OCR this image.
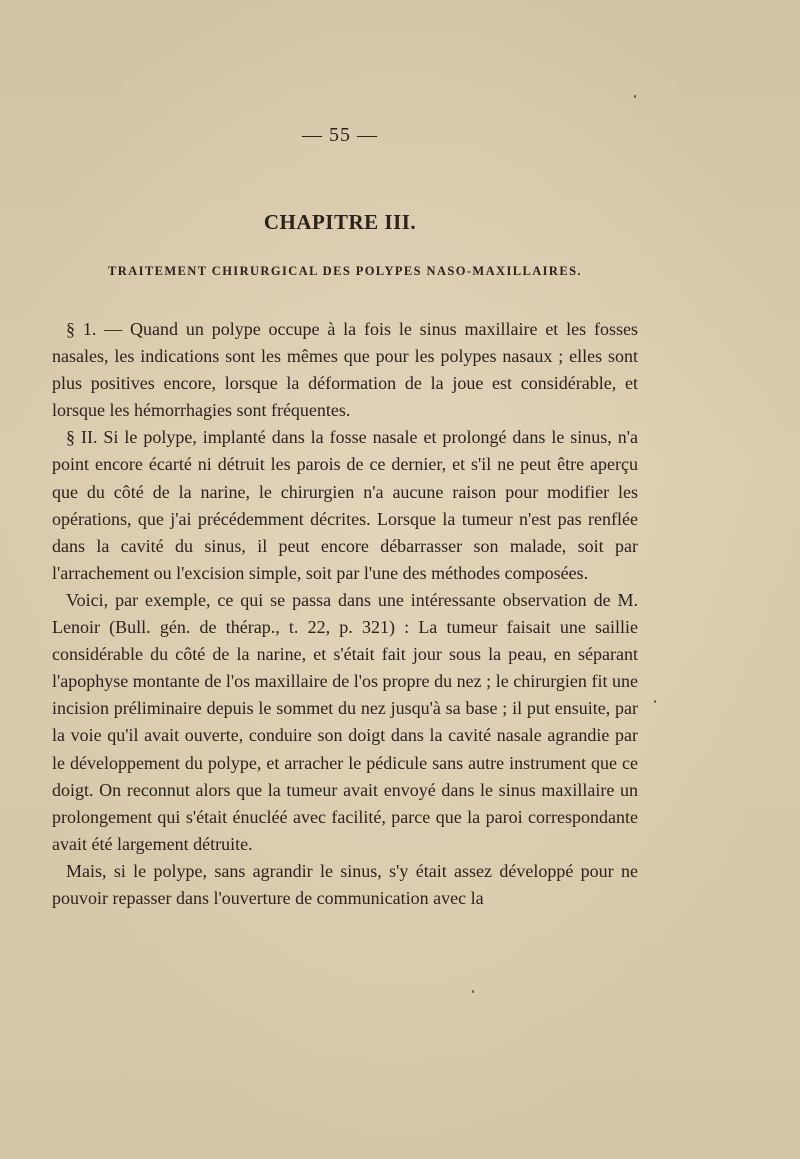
— 55 —
CHAPITRE III.
TRAITEMENT CHIRURGICAL DES POLYPES NASO-MAXILLAIRES.

§ 1. — Quand un polype occupe à la fois le sinus maxillaire et les fosses nasales, les indications sont les mêmes que pour les polypes nasaux ; elles sont plus positives encore, lorsque la déformation de la joue est considérable, et lorsque les hémorrhagies sont fréquentes.

§ II. Si le polype, implanté dans la fosse nasale et prolongé dans le sinus, n'a point encore écarté ni détruit les parois de ce dernier, et s'il ne peut être aperçu que du côté de la narine, le chirurgien n'a aucune raison pour modifier les opérations, que j'ai précédemment décrites. Lorsque la tumeur n'est pas renflée dans la cavité du sinus, il peut encore débarrasser son malade, soit par l'arrachement ou l'excision simple, soit par l'une des méthodes composées.

Voici, par exemple, ce qui se passa dans une intéressante observation de M. Lenoir (Bull. gén. de thérap., t. 22, p. 321) : La tumeur faisait une saillie considérable du côté de la narine, et s'était fait jour sous la peau, en séparant l'apophyse montante de l'os maxillaire de l'os propre du nez ; le chirurgien fit une incision préliminaire depuis le sommet du nez jusqu'à sa base ; il put ensuite, par la voie qu'il avait ouverte, conduire son doigt dans la cavité nasale agrandie par le développement du polype, et arracher le pédicule sans autre instrument que ce doigt. On reconnut alors que la tumeur avait envoyé dans le sinus maxillaire un prolongement qui s'était énucléé avec facilité, parce que la paroi correspondante avait été largement détruite.

Mais, si le polype, sans agrandir le sinus, s'y était assez développé pour ne pouvoir repasser dans l'ouverture de communication avec la
